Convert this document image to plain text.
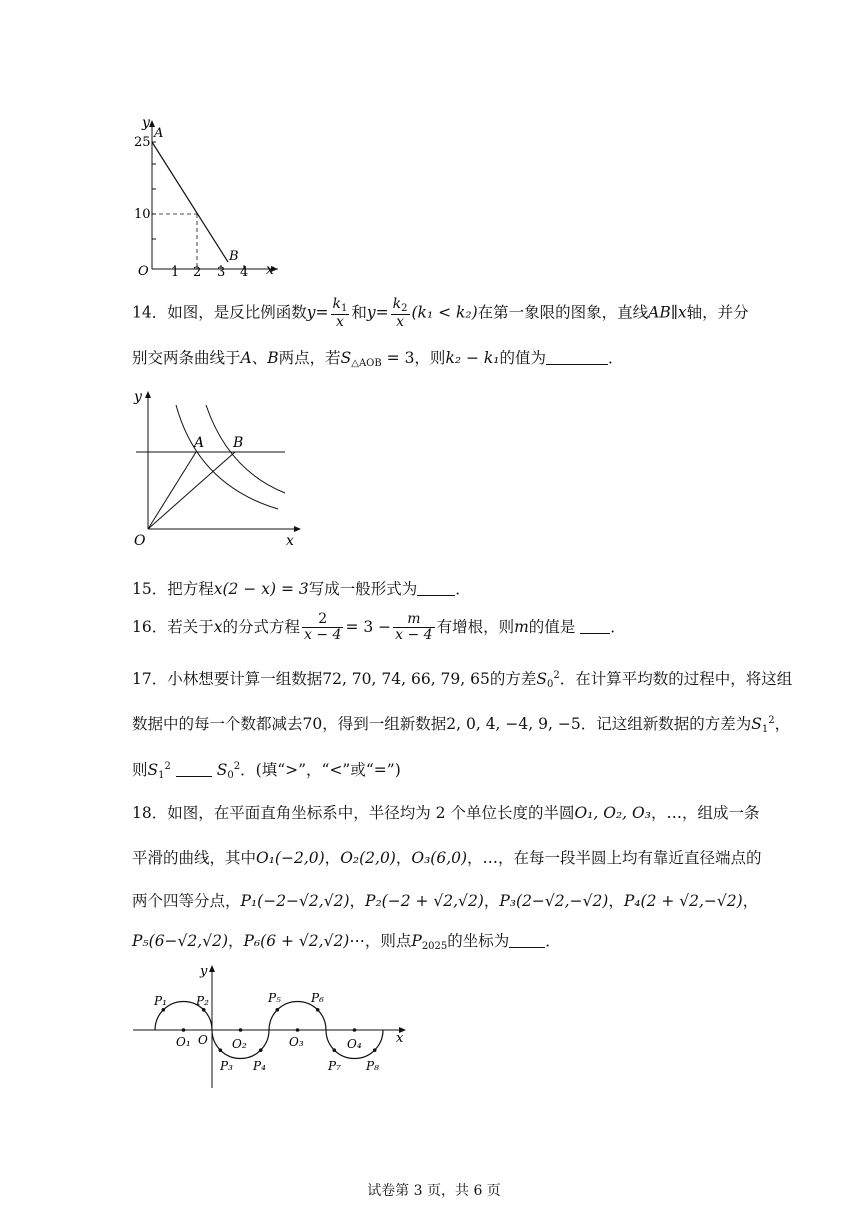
y
25
A
10
O 1 2 3 4
B
x
14．如图，是反比例函数$y= \frac{k_1}{x}$ 和$y= \frac{k_2}{x} (k_1 < k_2)$在第一象限的图象，直线AB∥x轴，并分
别交两条曲线于A、B两点，若$S_{\triangle AOB} = 3$，则k₂ − k₁的值为	．
y
A B
O	x
15．把方程x(2 − x) = 3写成一般形式为 ．
16．若关于x的分式方程 $\frac{2}{x - 4} = 3 - \frac{m}{x - 4}$ 有增根，则m的值是 ．
17．小林想要计算一组数据72, 70, 74, 66, 79, 65的方差$S_0^2$．在计算平均数的过程中，将这组
数据中的每一个数都减去70，得到一组新数据2, 0, 4, −4, 9, −5．记这组新数据的方差为$S_1^2$，
则$S_1^2$	$S_0^2$．(填“>”，“<”或“=”)
18．如图，在平面直角坐标系中，半径均为 2 个单位长度的半圆O₁, O₂, O₃，…，组成一条
平滑的曲线，其中O₁(−2,0)，O₂(2,0)，O₃(6,0)，…，在每一段半圆上均有靠近直径端点的
两个四等分点，P₁(−2−√2,√2)，P₂(−2 + √2,√2)，P₃(2−√2,−√2)，P₄(2 + √2,−√2)，
P₅(6−√2,√2)，P₆(6 + √2,√2)⋯，则点$P_{2025}$的坐标为 ．
P₁ P₂
P₃ P₄
P₅	P₆
P₇ P₈
O₁	O₂	O₃	O₄
y
O	x
试卷第 3 页，共 6 页
